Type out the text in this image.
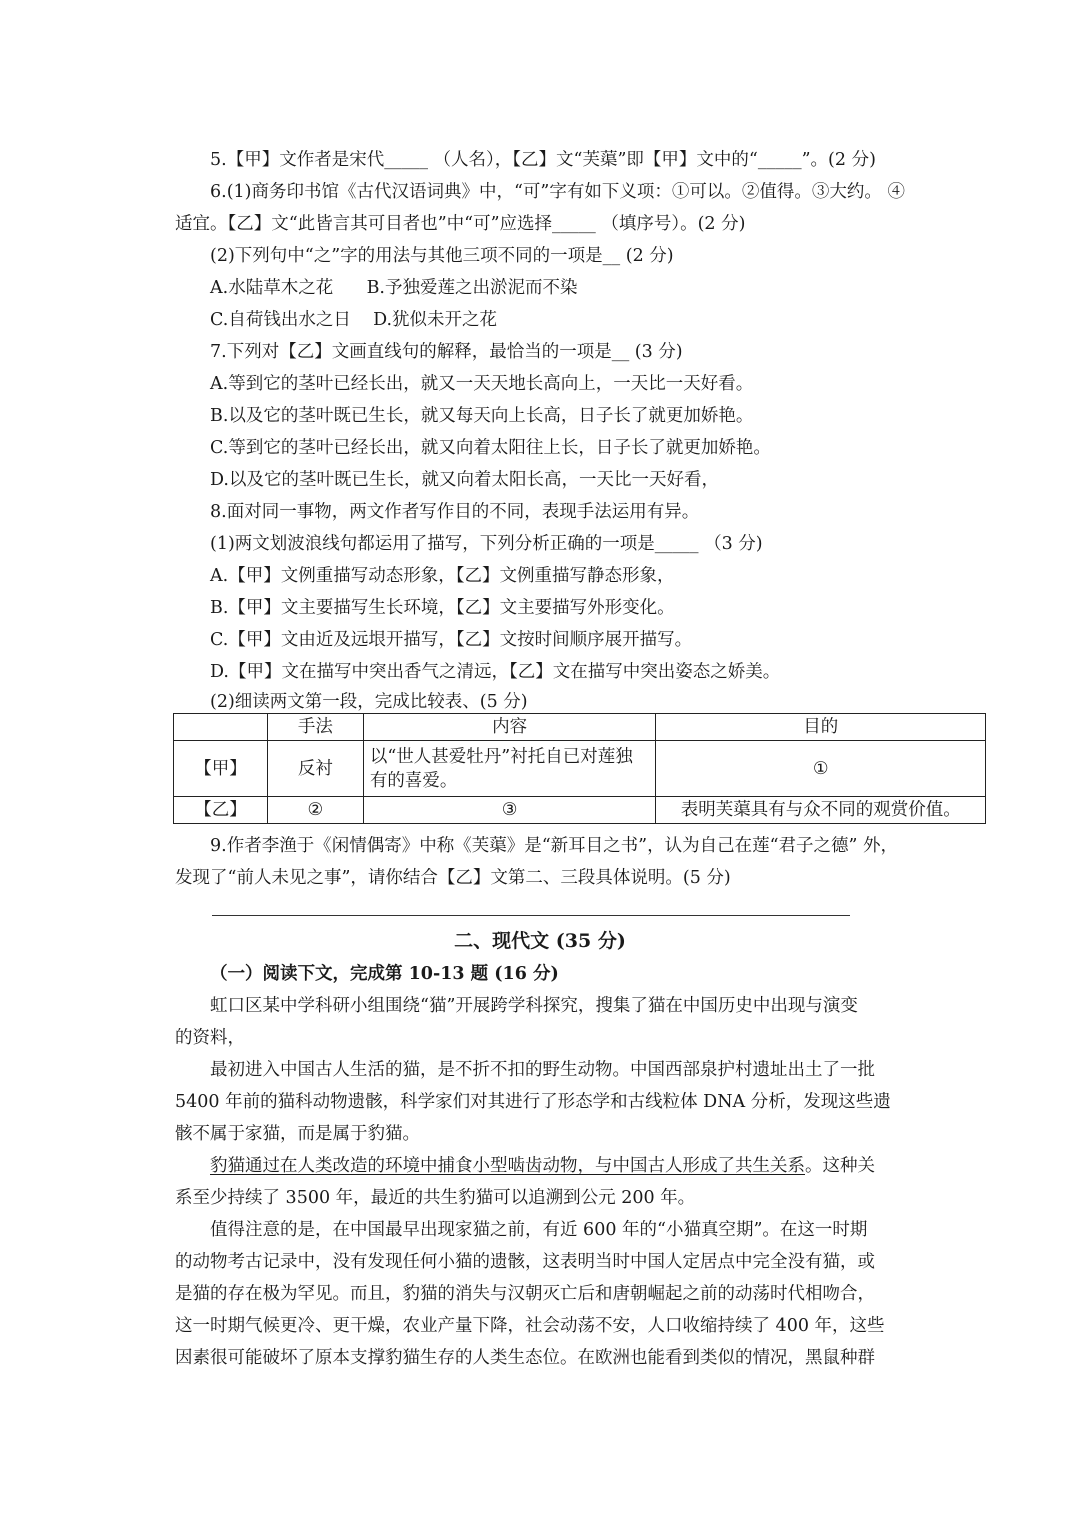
5.【甲】文作者是宋代_____ （人名），【乙】文“芙蕖”即【甲】文中的“_____”。(2 分)
6.(1)商务印书馆《古代汉语词典》中，“可”字有如下义项：①可以。②值得。③大约。 ④
适宜。【乙】文“此皆言其可目者也”中“可”应选择_____ （填序号）。(2 分)
(2)下列句中“之”字的用法与其他三项不同的一项是__ (2 分)
A.水陆草木之花      B.予独爱莲之出淤泥而不染
C.自荷钱出水之日    D.犹似未开之花
7.下列对【乙】文画直线句的解释，最恰当的一项是__ (3 分)
A.等到它的茎叶已经长出，就又一天天地长高向上，一天比一天好看。
B.以及它的茎叶既已生长，就又每天向上长高，日子长了就更加娇艳。
C.等到它的茎叶已经长出，就又向着太阳往上长，日子长了就更加娇艳。
D.以及它的茎叶既已生长，就又向着太阳长高，一天比一天好看，
8.面对同一事物，两文作者写作目的不同，表现手法运用有异。
(1)两文划波浪线句都运用了描写，下列分析正确的一项是_____ （3 分)
A.【甲】文例重描写动态形象，【乙】文例重描写静态形象，
B.【甲】文主要描写生长环境，【乙】文主要描写外形变化。
C.【甲】文由近及远垠开描写，【乙】文按时间顺序展开描写。
D.【甲】文在描写中突出香气之清远，【乙】文在描写中突出姿态之娇美。
(2)细读两文第一段，完成比较表、(5 分)
	手法	内容	目的
【甲】	反衬	以“世人甚爱牡丹”衬托自已对莲独有的喜爱。	①
【乙】	②	③	表明芙蕖具有与众不同的观赏价值。
9.作者李渔于《闲情偶寄》中称《芙蕖》是“新耳目之书”，认为自己在莲“君子之德” 外，
发现了“前人未见之事”，请你结合【乙】文第二、三段具体说明。(5 分)
二、现代文 (35 分)
（一）阅读下文，完成第 10-13 题 (16 分)
虹口区某中学科研小组围绕“猫”开展跨学科探究，搜集了猫在中国历史中出现与演变
的资料，
最初进入中国古人生活的猫，是不折不扣的野生动物。中国西部泉护村遗址出土了一批
5400 年前的猫科动物遗骸，科学家们对其进行了形态学和古线粒体 DNA 分析，发现这些遗
骸不属于家猫，而是属于豹猫。
豹猫通过在人类改造的环境中捕食小型啮齿动物，与中国古人形成了共生关系。这种关
系至少持续了 3500 年，最近的共生豹猫可以追溯到公元 200 年。
值得注意的是，在中国最早出现家猫之前，有近 600 年的“小猫真空期”。在这一时期
的动物考古记录中，没有发现任何小猫的遗骸，这表明当时中国人定居点中完全没有猫，或
是猫的存在极为罕见。而且，豹猫的消失与汉朝灭亡后和唐朝崛起之前的动荡时代相吻合，
这一时期气候更冷、更干燥，农业产量下降，社会动荡不安，人口收缩持续了 400 年，这些
因素很可能破坏了原本支撑豹猫生存的人类生态位。在欧洲也能看到类似的情况，黑鼠种群
